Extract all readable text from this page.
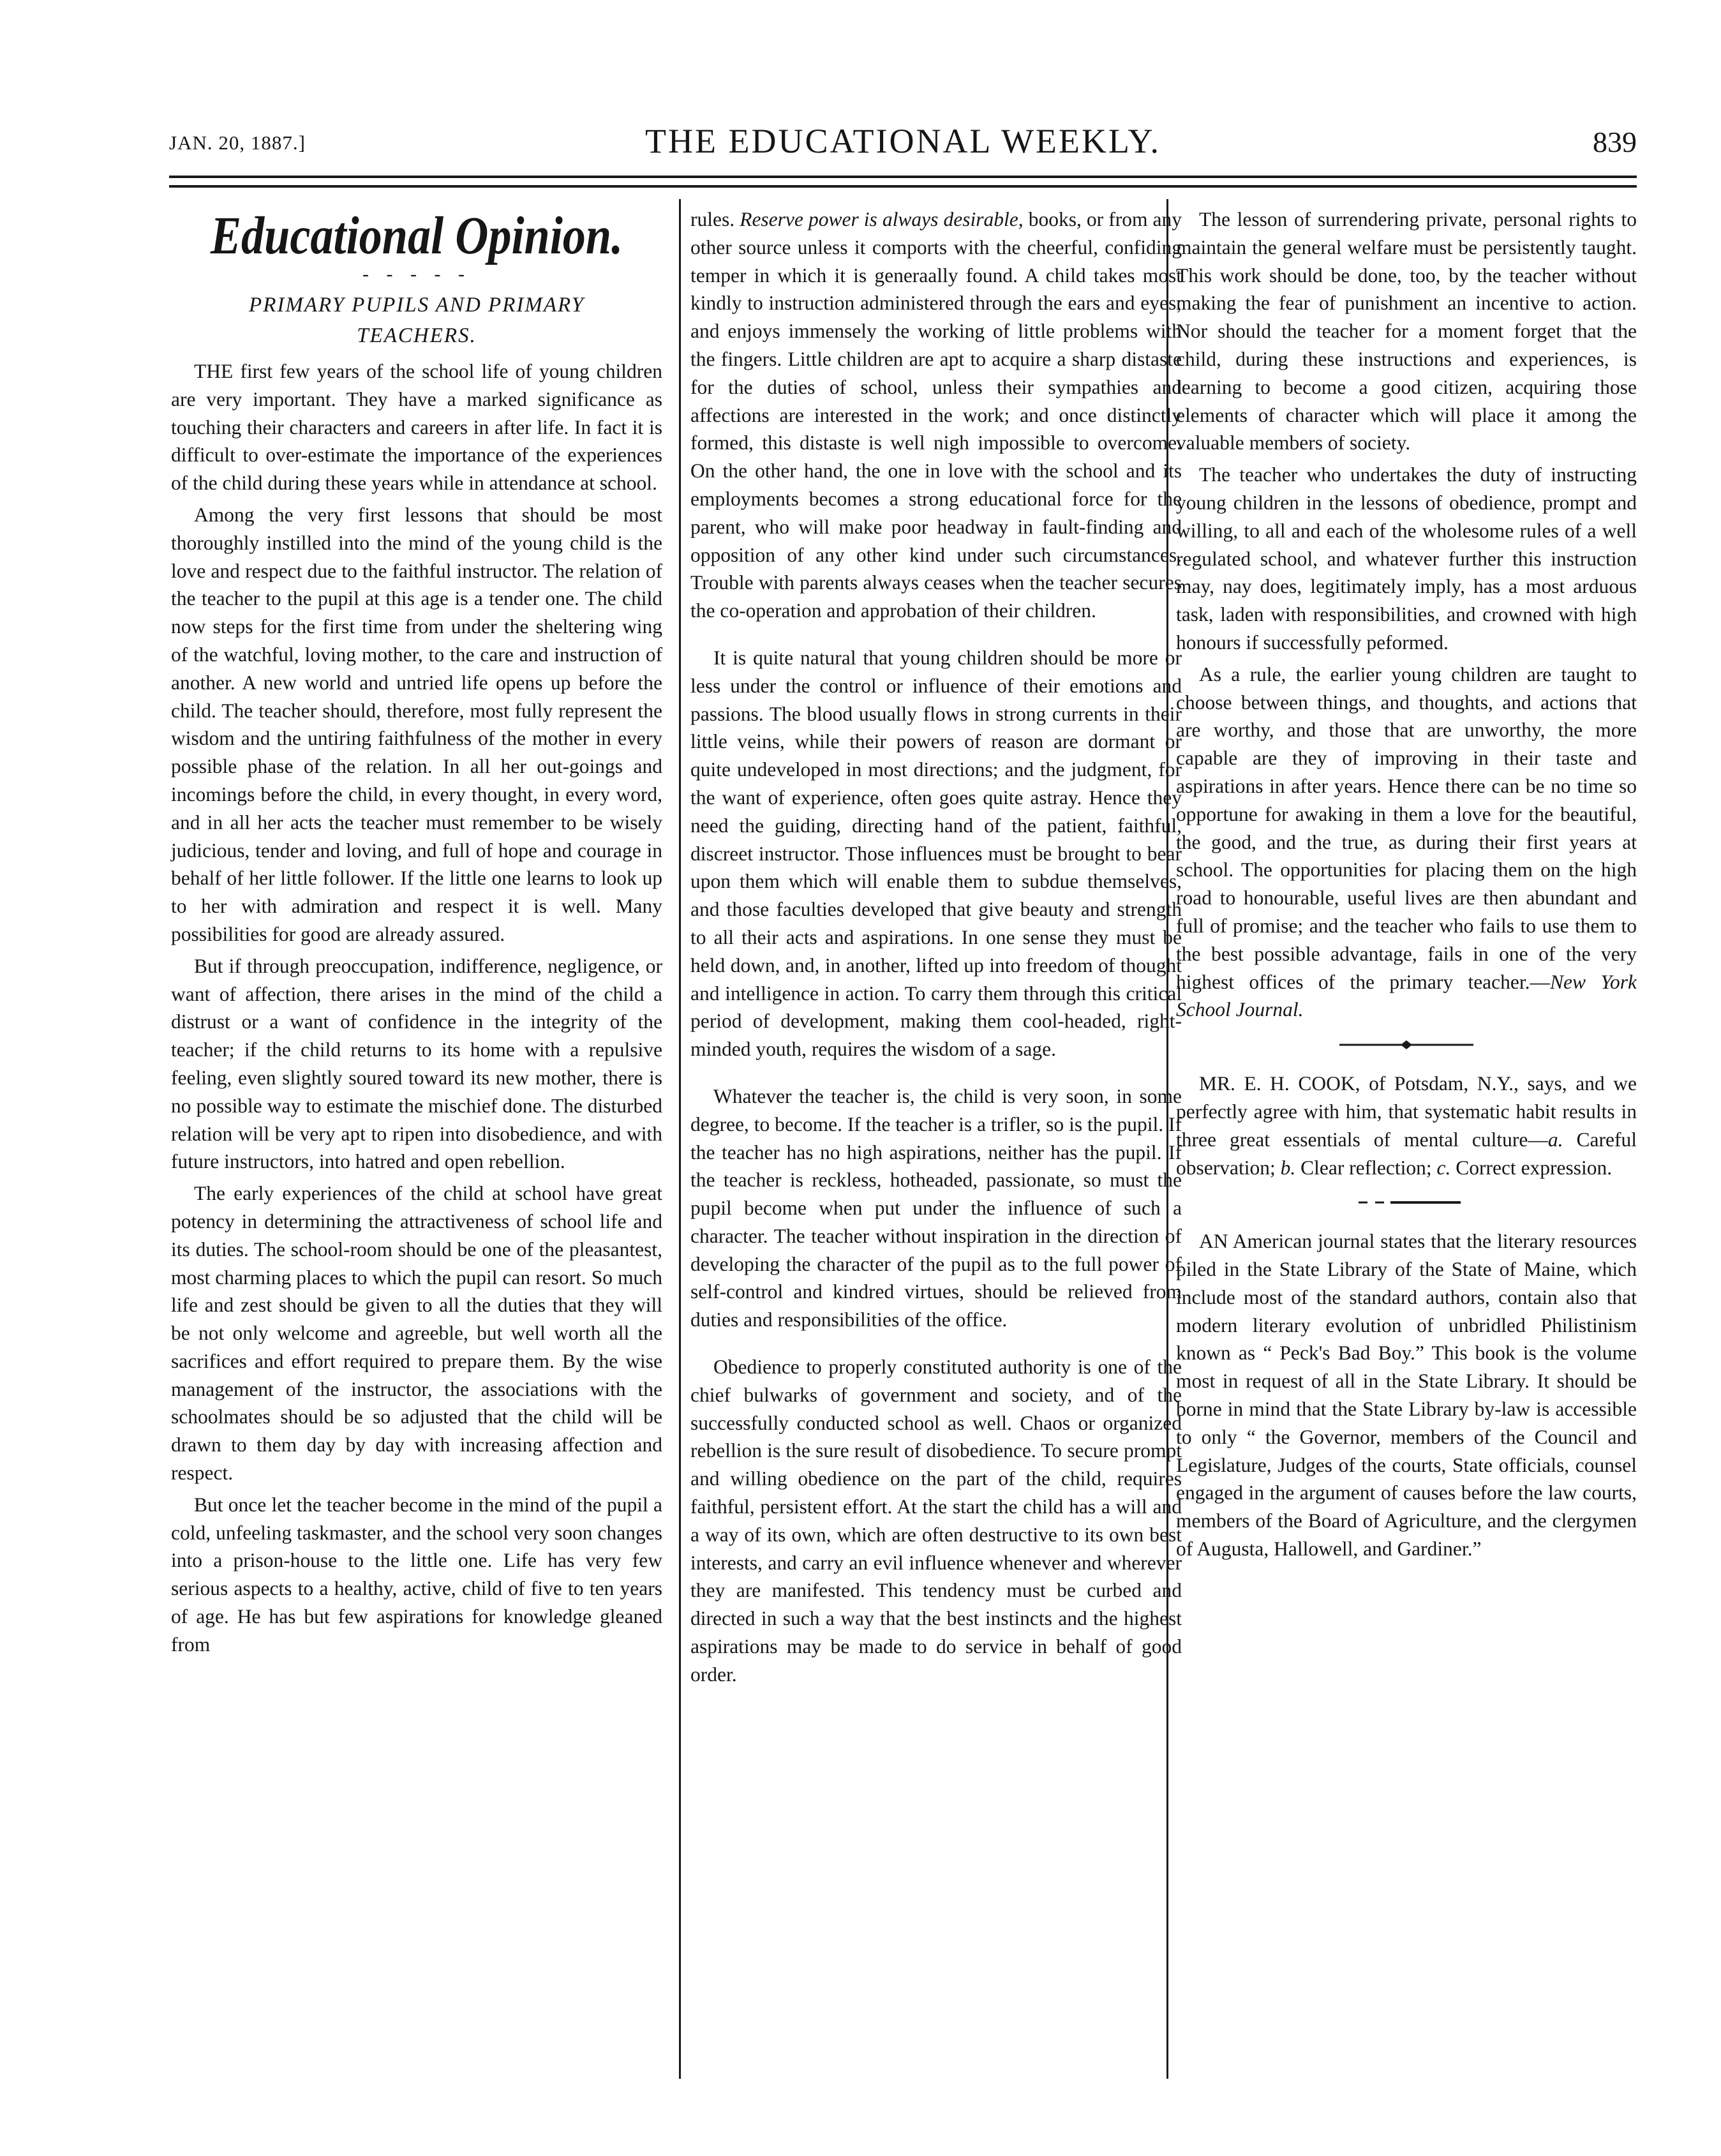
JAN. 20, 1887.]	THE EDUCATIONAL WEEKLY.	839
Educational Opinion.
- - - - -
PRIMARY PUPILS AND PRIMARY
TEACHERS.

THE first few years of the school life of young children are very important. They have a marked significance as touching their characters and careers in after life. In fact it is difficult to over-estimate the importance of the experiences of the child during these years while in attendance at school.

Among the very first lessons that should be most thoroughly instilled into the mind of the young child is the love and respect due to the faithful instructor. The relation of the teacher to the pupil at this age is a tender one. The child now steps for the first time from under the sheltering wing of the watchful, loving mother, to the care and instruction of another. A new world and untried life opens up before the child. The teacher should, therefore, most fully represent the wisdom and the untiring faithfulness of the mother in every possible phase of the relation. In all her out-goings and incomings before the child, in every thought, in every word, and in all her acts the teacher must remember to be wisely judicious, tender and loving, and full of hope and courage in behalf of her little follower. If the little one learns to look up to her with admiration and respect it is well. Many possibilities for good are already assured.

But if through preoccupation, indifference, negligence, or want of affection, there arises in the mind of the child a distrust or a want of confidence in the integrity of the teacher; if the child returns to its home with a repulsive feeling, even slightly soured toward its new mother, there is no possible way to estimate the mischief done. The disturbed relation will be very apt to ripen into disobedience, and with future instructors, into hatred and open rebellion.

The early experiences of the child at school have great potency in determining the attractiveness of school life and its duties. The school-room should be one of the pleasantest, most charming places to which the pupil can resort. So much life and zest should be given to all the duties that they will be not only welcome and agreeble, but well worth all the sacrifices and effort required to prepare them. By the wise management of the instructor, the associations with the schoolmates should be so adjusted that the child will be drawn to them day by day with increasing affection and respect.

But once let the teacher become in the mind of the pupil a cold, unfeeling taskmaster, and the school very soon changes into a prison-house to the little one. Life has very few serious aspects to a healthy, active, child of five to ten years of age. He has but few aspirations for knowledge gleaned from

rules. Reserve power is always desirable, books, or from any other source unless it comports with the cheerful, confiding temper in which it is generaally found. A child takes most kindly to instruction administered through the ears and eyes; and enjoys immensely the working of little problems with the fingers. Little children are apt to acquire a sharp distaste for the duties of school, unless their sympathies and affections are interested in the work; and once distinctly formed, this distaste is well nigh impossible to overcome. On the other hand, the one in love with the school and its employments becomes a strong educational force for the parent, who will make poor headway in fault-finding and opposition of any other kind under such circumstances. Trouble with parents always ceases when the teacher secures the co-operation and approbation of their children.

It is quite natural that young children should be more or less under the control or influence of their emotions and passions. The blood usually flows in strong currents in their little veins, while their powers of reason are dormant or quite undeveloped in most directions; and the judgment, for the want of experience, often goes quite astray. Hence they need the guiding, directing hand of the patient, faithful, discreet instructor. Those influences must be brought to bear upon them which will enable them to subdue themselves, and those faculties developed that give beauty and strength to all their acts and aspirations. In one sense they must be held down, and, in another, lifted up into freedom of thought and intelligence in action. To carry them through this critical period of development, making them cool-headed, right-minded youth, requires the wisdom of a sage.

Whatever the teacher is, the child is very soon, in some degree, to become. If the teacher is a trifler, so is the pupil. If the teacher has no high aspirations, neither has the pupil. If the teacher is reckless, hotheaded, passionate, so must the pupil become when put under the influence of such a character. The teacher without inspiration in the direction of developing the character of the pupil as to the full power of self-control and kindred virtues, should be relieved from duties and responsibilities of the office.

Obedience to properly constituted authority is one of the chief bulwarks of government and society, and of the successfully conducted school as well. Chaos or organized rebellion is the sure result of disobedience. To secure prompt and willing obedience on the part of the child, requires faithful, persistent effort. At the start the child has a will and a way of its own, which are often destructive to its own best interests, and carry an evil influence whenever and wherever they are manifested. This tendency must be curbed and directed in such a way that the best instincts and the highest aspirations may be made to do service in behalf of good order.

The lesson of surrendering private, personal rights to maintain the general welfare must be persistently taught. This work should be done, too, by the teacher without making the fear of punishment an incentive to action. Nor should the teacher for a moment forget that the child, during these instructions and experiences, is learning to become a good citizen, acquiring those elements of character which will place it among the valuable members of society.

The teacher who undertakes the duty of instructing young children in the lessons of obedience, prompt and willing, to all and each of the wholesome rules of a well regulated school, and whatever further this instruction may, nay does, legitimately imply, has a most arduous task, laden with responsibilities, and crowned with high honours if successfully peformed.

As a rule, the earlier young children are taught to choose between things, and thoughts, and actions that are worthy, and those that are unworthy, the more capable are they of improving in their taste and aspirations in after years. Hence there can be no time so opportune for awaking in them a love for the beautiful, the good, and the true, as during their first years at school. The opportunities for placing them on the high road to honourable, useful lives are then abundant and full of promise; and the teacher who fails to use them to the best possible advantage, fails in one of the very highest offices of the primary teacher.—New York School Journal.

MR. E. H. COOK, of Potsdam, N.Y., says, and we perfectly agree with him, that systematic habit results in three great essentials of mental culture—a. Careful observation; b. Clear reflection; c. Correct expression.

AN American journal states that the literary resources piled in the State Library of the State of Maine, which include most of the standard authors, contain also that modern literary evolution of unbridled Philistinism known as “ Peck's Bad Boy.” This book is the volume most in request of all in the State Library. It should be borne in mind that the State Library by-law is accessible to only “ the Governor, members of the Council and Legislature, Judges of the courts, State officials, counsel engaged in the argument of causes before the law courts, members of the Board of Agriculture, and the clergymen of Augusta, Hallowell, and Gardiner.”
